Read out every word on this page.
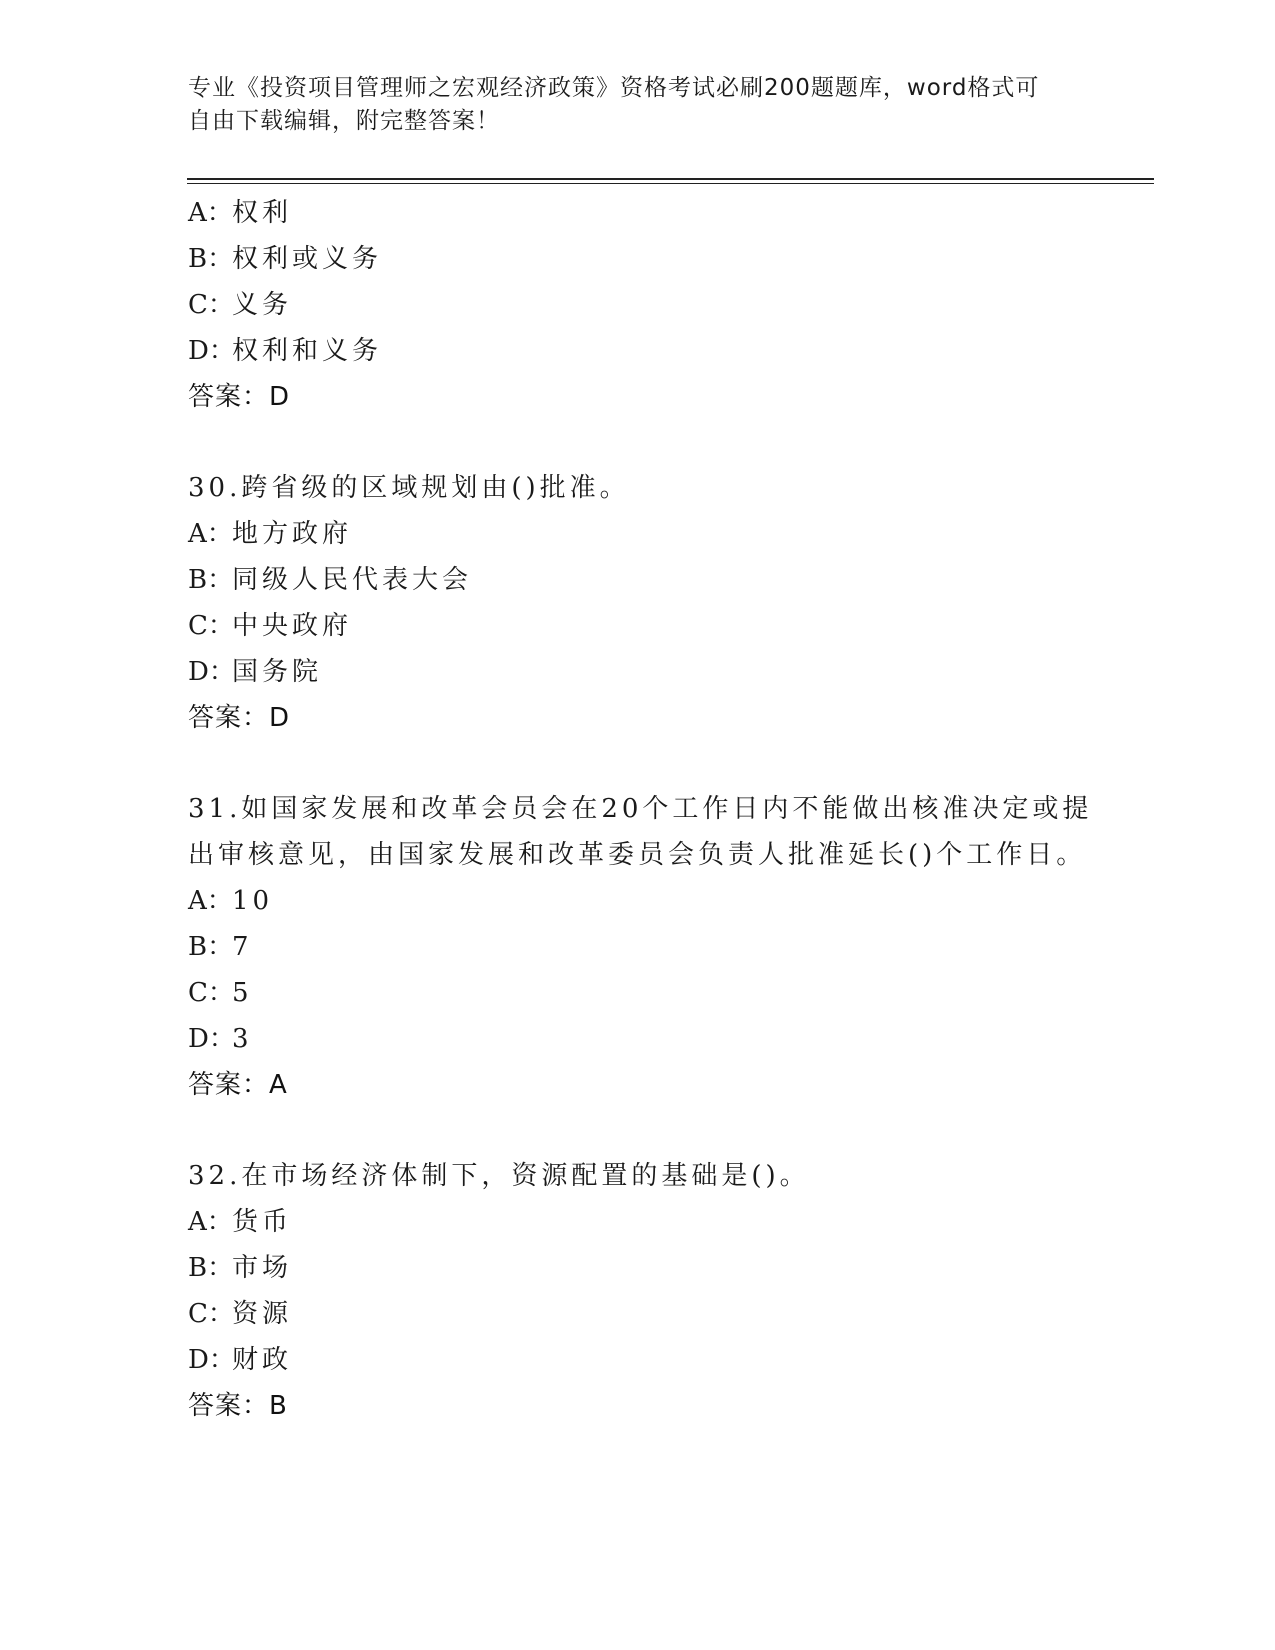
专业《投资项目管理师之宏观经济政策》资格考试必刷200题题库，word格式可
自由下载编辑，附完整答案！
A：权利
B：权利或义务
C：义务
D：权利和义务
答案：D
30.跨省级的区域规划由()批准。
A：地方政府
B：同级人民代表大会
C：中央政府
D：国务院
答案：D
31.如国家发展和改革会员会在20个工作日内不能做出核准决定或提
出审核意见，由国家发展和改革委员会负责人批准延长()个工作日。
A：10
B：7
C：5
D：3
答案：A
32.在市场经济体制下，资源配置的基础是()。
A：货币
B：市场
C：资源
D：财政
答案：B
